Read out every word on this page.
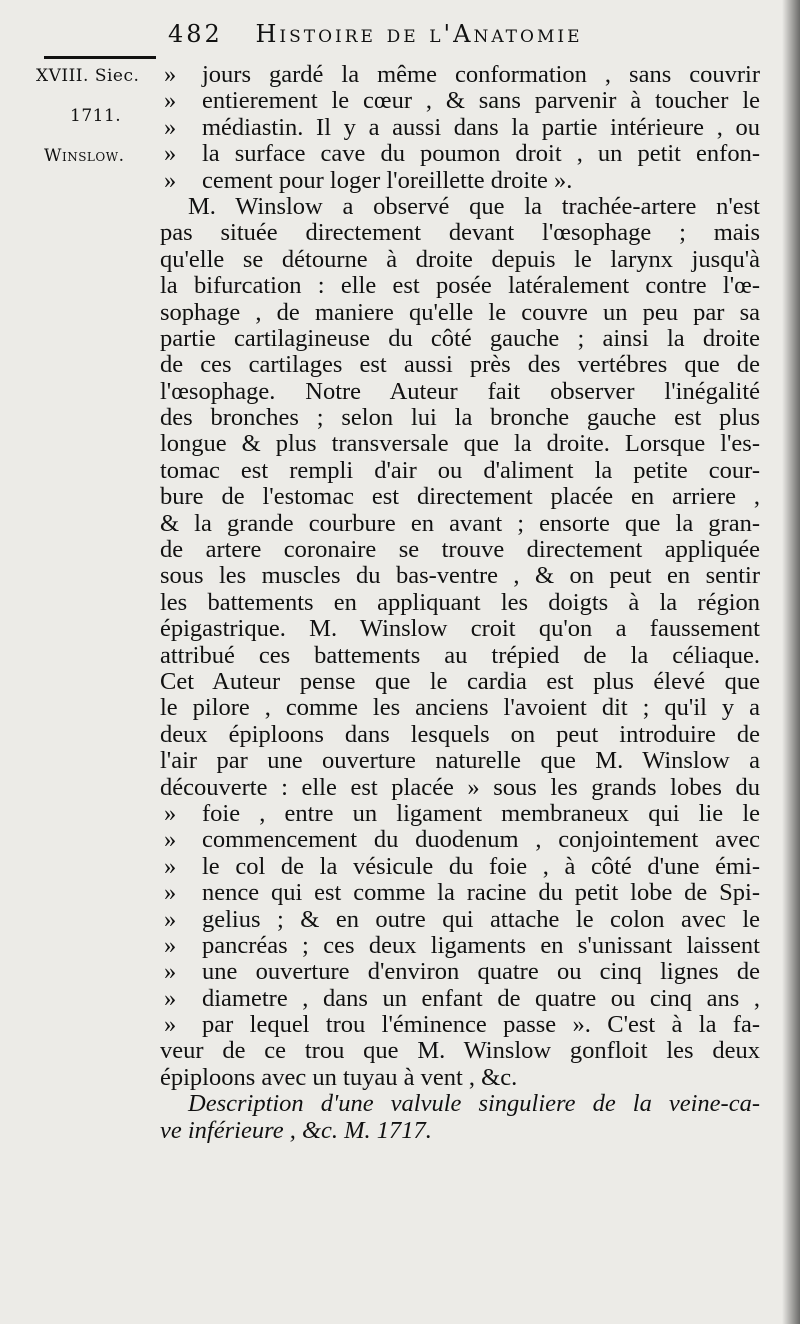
482 Histoire de l'Anatomie
XVIII. Siec.
1711.
Winslow.
» jours gardé la même conformation , sans couvrir
» entierement le cœur , & sans parvenir à toucher le
» médiastin. Il y a aussi dans la partie intérieure , ou
» la surface cave du poumon droit , un petit enfon-
» cement pour loger l'oreillette droite ».
M. Winslow a observé que la trachée-artere n'est
pas située directement devant l'œsophage ; mais
qu'elle se détourne à droite depuis le larynx jusqu'à
la bifurcation : elle est posée latéralement contre l'œ-
sophage , de maniere qu'elle le couvre un peu par sa
partie cartilagineuse du côté gauche ; ainsi la droite
de ces cartilages est aussi près des vertébres que de
l'œsophage. Notre Auteur fait observer l'inégalité
des bronches ; selon lui la bronche gauche est plus
longue & plus transversale que la droite. Lorsque l'es-
tomac est rempli d'air ou d'aliment la petite cour-
bure de l'estomac est directement placée en arriere ,
& la grande courbure en avant ; ensorte que la gran-
de artere coronaire se trouve directement appliquée
sous les muscles du bas-ventre , & on peut en sentir
les battements en appliquant les doigts à la région
épigastrique. M. Winslow croit qu'on a faussement
attribué ces battements au trépied de la céliaque.
Cet Auteur pense que le cardia est plus élevé que
le pilore , comme les anciens l'avoient dit ; qu'il y a
deux épiploons dans lesquels on peut introduire de
l'air par une ouverture naturelle que M. Winslow a
découverte : elle est placée » sous les grands lobes du
» foie , entre un ligament membraneux qui lie le
» commencement du duodenum , conjointement avec
» le col de la vésicule du foie , à côté d'une émi-
» nence qui est comme la racine du petit lobe de Spi-
» gelius ; & en outre qui attache le colon avec le
» pancréas ; ces deux ligaments en s'unissant laissent
» une ouverture d'environ quatre ou cinq lignes de
» diametre , dans un enfant de quatre ou cinq ans ,
» par lequel trou l'éminence passe ». C'est à la fa-
veur de ce trou que M. Winslow gonfloit les deux
épiploons avec un tuyau à vent , &c.
Description d'une valvule singuliere de la veine-ca-
ve inférieure , &c. M. 1717.
